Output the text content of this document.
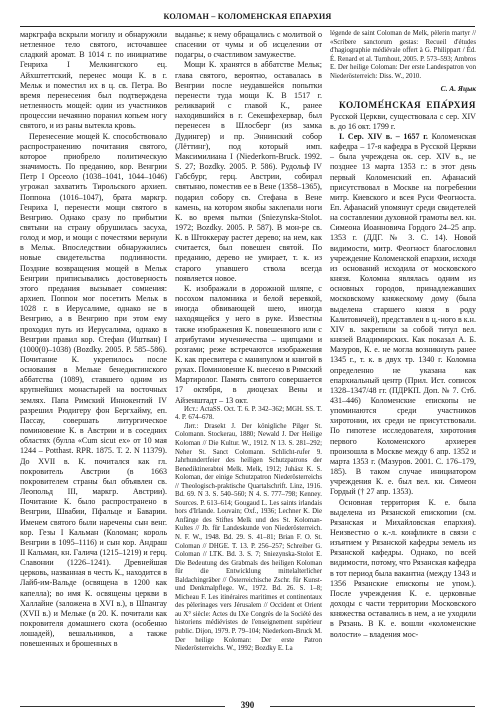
КОЛОМАН – КОЛОМЕНСКАЯ ЕПАРХИЯ

маркграфа вскрыли могилу и обнаружили нетленное тело святого, источавшее сладкий аромат. В 1014 г. по инициативе Генриха I Мелкингского ец. Айхштеттский, перенес мощи К. в г. Мельк и поместил их в ц. св. Петра. Во время перенесения был подтверждена нетленность мощей: один из участников процессии нечаянно поранил копьем ногу святого, и из раны вытекла кровь.

Перенесение мощей К. способствовало распространению почитания святого, которое приобрело политическую значимость. По преданию, кор. Венгрии Петр I Орсеоло (1038–1041, 1044–1046) угрожал захватить Тирольского архиеп. Поппона (1016–1047), брата маркгр. Генриха I, перенести мощи святого в Венгрию. Однако сразу по прибытии святыни на страну обрушилась засуха, голод и мор, и мощи с почестями вернули в Мельк. Впоследствии обнаружились новые свидетельства подлинности. Поздние возвращения мощей в Мельк Бенгрии приписывались достоверность этого предания вызывает сомнения: архиеп. Поппон мог посетить Мельк в 1028 г. в Иерусалиме, однако не в Венгрию, а в Венгрию при этом ему проходил путь из Иерусалима, однако в Венгрии правил кор. Стефан (Иштван) I (1000(0)–1038) (Bozdky. 2005. P. 585–586). Почитание К. укрепилось после основания в Мельке бенедиктинского аббатства (1089), ставшего одним из крупнейших монастырей на восточных землях. Папа Римский Иннокентий IV разрешил Рюдигеру фон Бергхайму, еп. Пассау, совершать литургическое поминовение К. в Австрии и в соседних областях (булла «Cum sicut ex» от 10 мая 1244 – Potthast. RPR. 1875. Т. 2. N 11379). До XVII в. К. почитался как гл. покровитель Австрии (в 1663 покровителем страны был объявлен св. Леопольд III, маркгр. Австрии). Почитание К. было распространено в Венгрии, Швабии, Пфальце и Баварии. Именем святого были наречены сын венг. кор. Гезы I Кальман (Коломан; король Венгрии в 1095–1116) и сын кор. Андраш II Кальман, кн. Галича (1215–1219) и герц. Славонии (1226–1241). Древнейшая церковь, названная в честь К., находится в Лайб-им-Вальде (освящена в 1200 как капелла); во имя К. освящены церкви в Халлайне (заложена в XVI в.), в Шпангау (XVII в.) и Мельке (в 20. К. почитали как покровителя домашнего скота (особенно лошадей), вешальников, а также повешенных и брошенных в

выданье; к нему обращались с молитвой о спасении от чумы и об исцелении от подагры, о счастливом замужестве.

Мощи К. хранятся в аббатстве Мельк; глава святого, вероятно, оставалась в Венгрии после неудавшейся попытки перенести туда мощи К. В 1517 г. реликварий с главой К., ранее находившийся в г. Секешфехервар, был перенесен в Шлосберг (из замка Дудингер) и пр. Эннинский собор (Лёттинг), под который имп. Максимилиана I (Niederkorn-Bruck. 1992. S. 27; Bozdky. 2005. P. 586). Рудольф IV Габсбург, герц. Австрии, собирал святыню, поместив ее в Вене (1358–1365), подарил собору св. Стефана в Вене камень, на котором якобы заклепали ноги К. во время пытки (Sniezynska-Stolot. 1972; Bozdky. 2005. P. 587). В мон-ре св. К. в Штоккерау растет дерево; на нем, как считается, был повешен святой. По преданию, дерево не умирает, т. к. из старого упавшего ствола всегда появляется новое.

К. изображали в дорожной шляпе, с посохом паломника и белой веревкой, иногда обвивающей шею, иногда находящейся у него в руке. Известны также изображения К. повешенного или с атрибутами мученичества – щипцами и розгами; реже встречаются изображения К. как пресвитера с манипулом и книгой в руках. Поминовение К. внесено в Римский Мартиролог. Память святого совершается 17 октября, в диоцезах Вены и Айзенштадт – 13 окт.

Ист.: ActaSS. Oct. T. 6. P. 342–362; MGH. SS. T. 4. P. 674–678.

Лит.: Drasekt J. Der königliche Pilger St. Colomann. Stockerau, 1880; Newald J. Der Heilige Koloman // Die Kultur. W., 1912. N 13. S. 281–292; Neher St. Sanct Colomann. Schlicht-rufer 9. Jahrhundertfeier des heiligen Schutzpatrons der Benediktinerabtei Melk. Melk, 1912; Juhász K. S. Koloman, der einige Schutzpatron Niederösterreichs // Theologisch-praktische Quartalschrift. Linz, 1916. Bd. 69. N 3. S. 540–560; N 4. S. 777–798; Kenney. Sources. P. 613–614; Gougaud L. Les saints irlandais hors d'Irlande. Louvain; Oxf., 1936; Lechner K. Die Anfänge des Stiftes Melk und des St. Koloman-Kultes // Jb. für Landeskunde von Niederösterreich. N. F. W., 1948. Bd. 29. S. 41–81; Brian F. O. St. Coloman // DHGE. T. 13. P. 256–257; Schreiber G. Coloman // LTK. Bd. 3. S. 7; Sniezynska-Stolot E. Die Bedeutung des Grabmals des heiligen Koloman für die Entwicklung mittelalterlicher Baldachingräber // Österreichische Zschr. für Kunst- und Denkmalpflege. W., 1972. Bd. 26. S. 1–8; Micheau F. Les itinéraires maritimes et continentaux des pèlerinages vers Jérusalem // Occident et Orient au X° siècle: Actes du IXe Congrès de la Société des historiens médiévistes de l'enseignement supérieur public. Dijon, 1979. P. 79–104; Niederkorn-Bruck M. Der heilige Koloman: Der erste Patron Niederösterreichs. W., 1992; Bozdky E. La

légende de saint Coloman de Melk, pèlerin martyr // «Scribere sanctorum gestas: Recueil d'études d'hagiographie médiévale offert à G. Philippart / Éd. É. Renard et al. Turnhout, 2005. P. 573–593; Ambros E. Der heilige Coloman: Der erste Landespatron von Niederösterreich: Diss. W., 2010.

С. А. Яцык

КОЛОМЕ́НСКАЯ ЕПА́РХИЯ Русской Церкви, существовала с сер. XIV в. до 16 окт. 1799 г.

I. Сер. XIV в. – 1657 г. Коломенская кафедра – 17-я кафедра в Русской Церкви – была учреждена ок. сер. XIV в., не позднее 13 марта 1353 г.: в этот день первый Коломенский еп. Афанасий присутствовал в Москве на погребении митр. Киевского и всея Руси Феогноста. Еп. Афанасий упомянут среди свидетелей на составлении духовной грамоты вел. кн. Симеона Иоанновича Гордого 24–25 апр. 1353 г. (ДДГ. № 3. С. 14). Новой видимости, митр. Феогност благословил учреждение Коломенской епархии, исходя из оснований исходила от московского князя. Коломна являлась одним из основных городов, принадлежавших московскому княжескому дому (была выделена старшего князя в роду Калитовичей), представлен в ц.-ного в к.н. XIV в. закрепили за собой титул вел. князей Владимирских. Как показал А. Б. Мазуров, К. е. не могла возникнуть ранее 1345 г., т. к. в двух тр. 1340 г. Коломна определенно не указана как епархиальный центр (Прил. Ист. сописок 1328–1347/48 гг. (ПДРКП. Доп. № 7. Стб. 431–446) Коломенские епископы не упоминаются среди участников хиротонии, их среди не присутствовали. По гипотезе исследователя, хиротония первого Коломенского архиерея произошла в Москве между 6 апр. 1352 и марта 1353 г. (Мазуров. 2001. С. 176–179, 185). В таком случае инициатором учреждения К. е. был вел. кн. Симеон Гордый († 27 апр. 1353).

Основная территория К. е. была выделена из Рязанской епископии (см. Рязанская и Михайловская епархия). Неизвестно о к.-л. конфликте в связи с изъятием у Рязанской кафедры земель из Рязанской кафедры. Однако, по всей видимости, потому, что Рязанская кафедра в тот период была вакантна (между 1343 и 1356 Рязанские епископы не упом.). После учреждения К. е. церковные доходы с части территории Московского княжества оставались в нем, а не уходили в Рязань. В К. е. вошли «коломенские волости» – владения мос-

390
